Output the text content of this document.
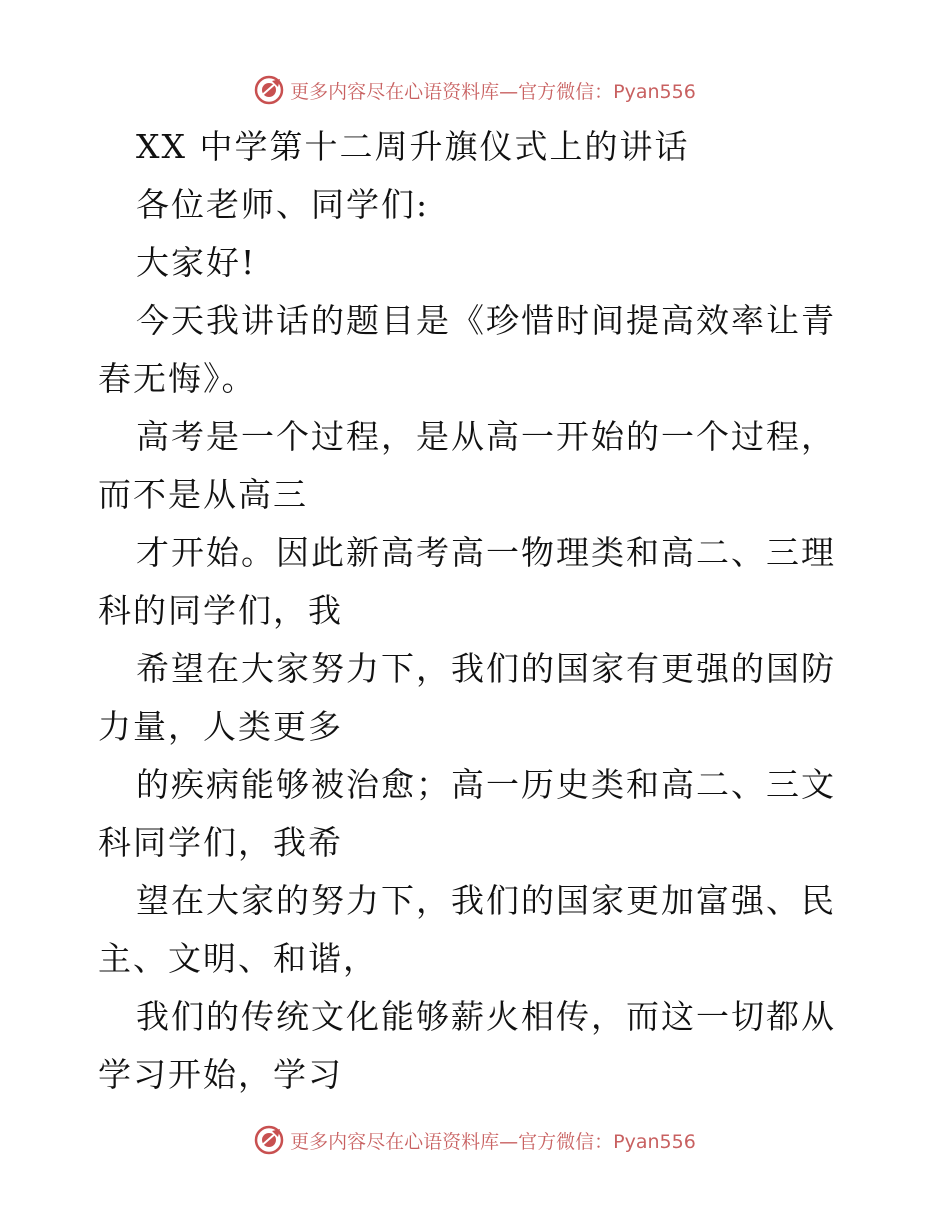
更多内容尽在心语资料库—官方微信：Pyan556

XX 中学第十二周升旗仪式上的讲话

各位老师、同学们:

大家好!

今天我讲话的题目是《珍惜时间提高效率让青春无悔》。

高考是一个过程，是从高一开始的一个过程，而不是从高三

才开始。因此新高考高一物理类和高二、三理科的同学们，我

希望在大家努力下，我们的国家有更强的国防力量，人类更多

的疾病能够被治愈；高一历史类和高二、三文科同学们，我希

望在大家的努力下，我们的国家更加富强、民主、文明、和谐，

我们的传统文化能够薪火相传，而这一切都从学习开始，学习

更多内容尽在心语资料库—官方微信：Pyan556
